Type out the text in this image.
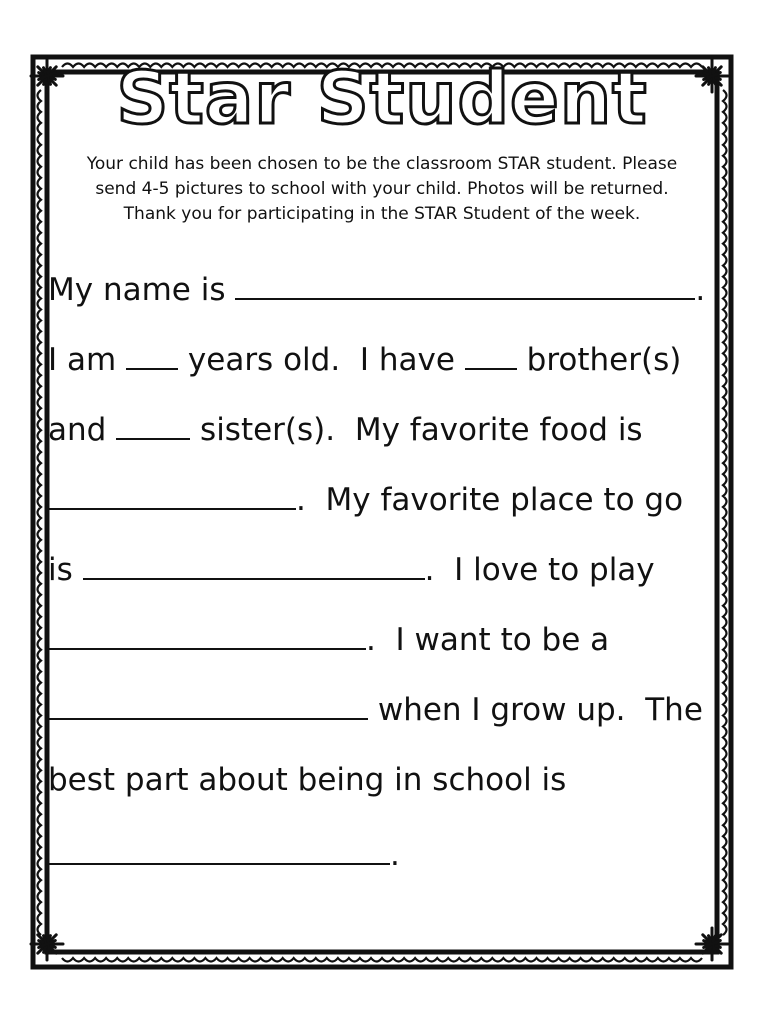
Star Student
Your child has been chosen to be the classroom STAR student. Please
send 4-5 pictures to school with your child. Photos will be returned.
Thank you for participating in the STAR Student of the week.
My name is	.
I am  years old.  I have  brother(s)
and  sister(s).  My favorite food is
.  My favorite place to go
is	.  I love to play
.  I want to be a
when I grow up.  The
best part about being in school is
.
